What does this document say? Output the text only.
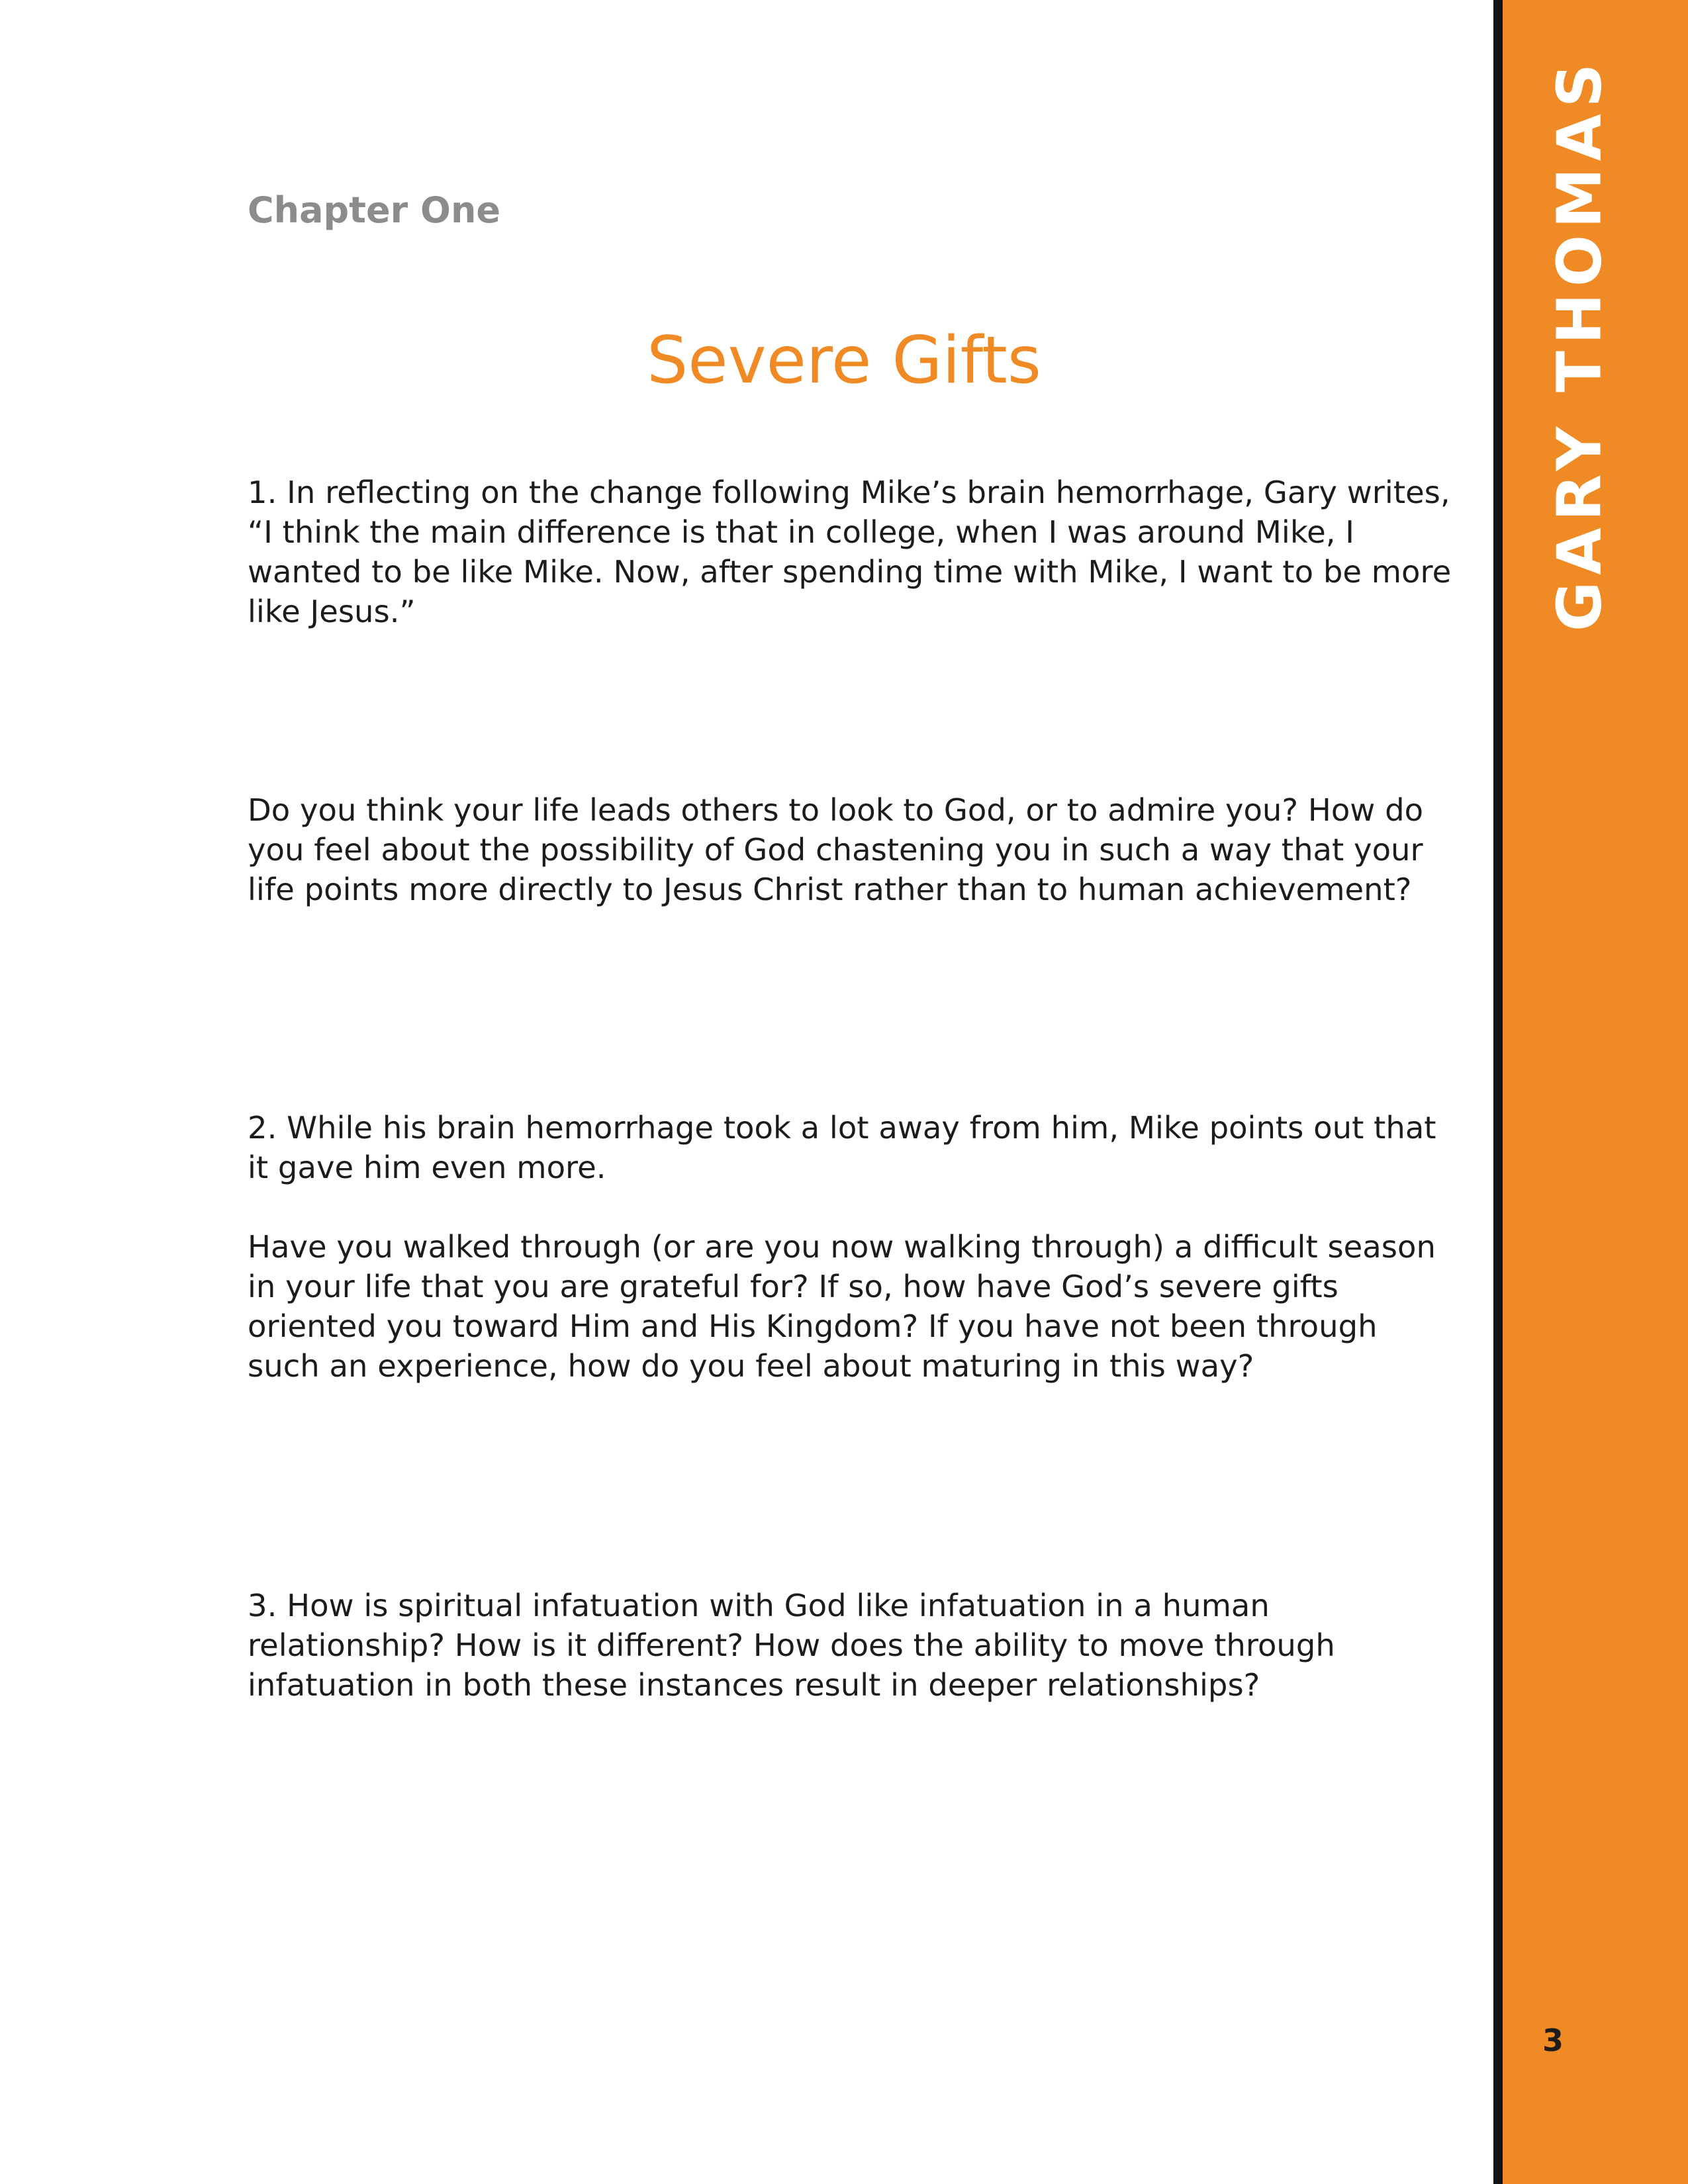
Chapter One
Severe Gifts

1. In reflecting on the change following Mike’s brain hemorrhage, Gary writes, “I think the main difference is that in college, when I was around Mike, I wanted to be like Mike. Now, after spending time with Mike, I want to be more like Jesus.”

Do you think your life leads others to look to God, or to admire you? How do you feel about the possibility of God chastening you in such a way that your life points more directly to Jesus Christ rather than to human achievement?

2. While his brain hemorrhage took a lot away from him, Mike points out that it gave him even more.

Have you walked through (or are you now walking through) a difficult season in your life that you are grateful for? If so, how have God’s severe gifts oriented you toward Him and His Kingdom? If you have not been through such an experience, how do you feel about maturing in this way?

3. How is spiritual infatuation with God like infatuation in a human relationship? How is it different? How does the ability to move through infatuation in both these instances result in deeper relationships?

GARY THOMAS
3
